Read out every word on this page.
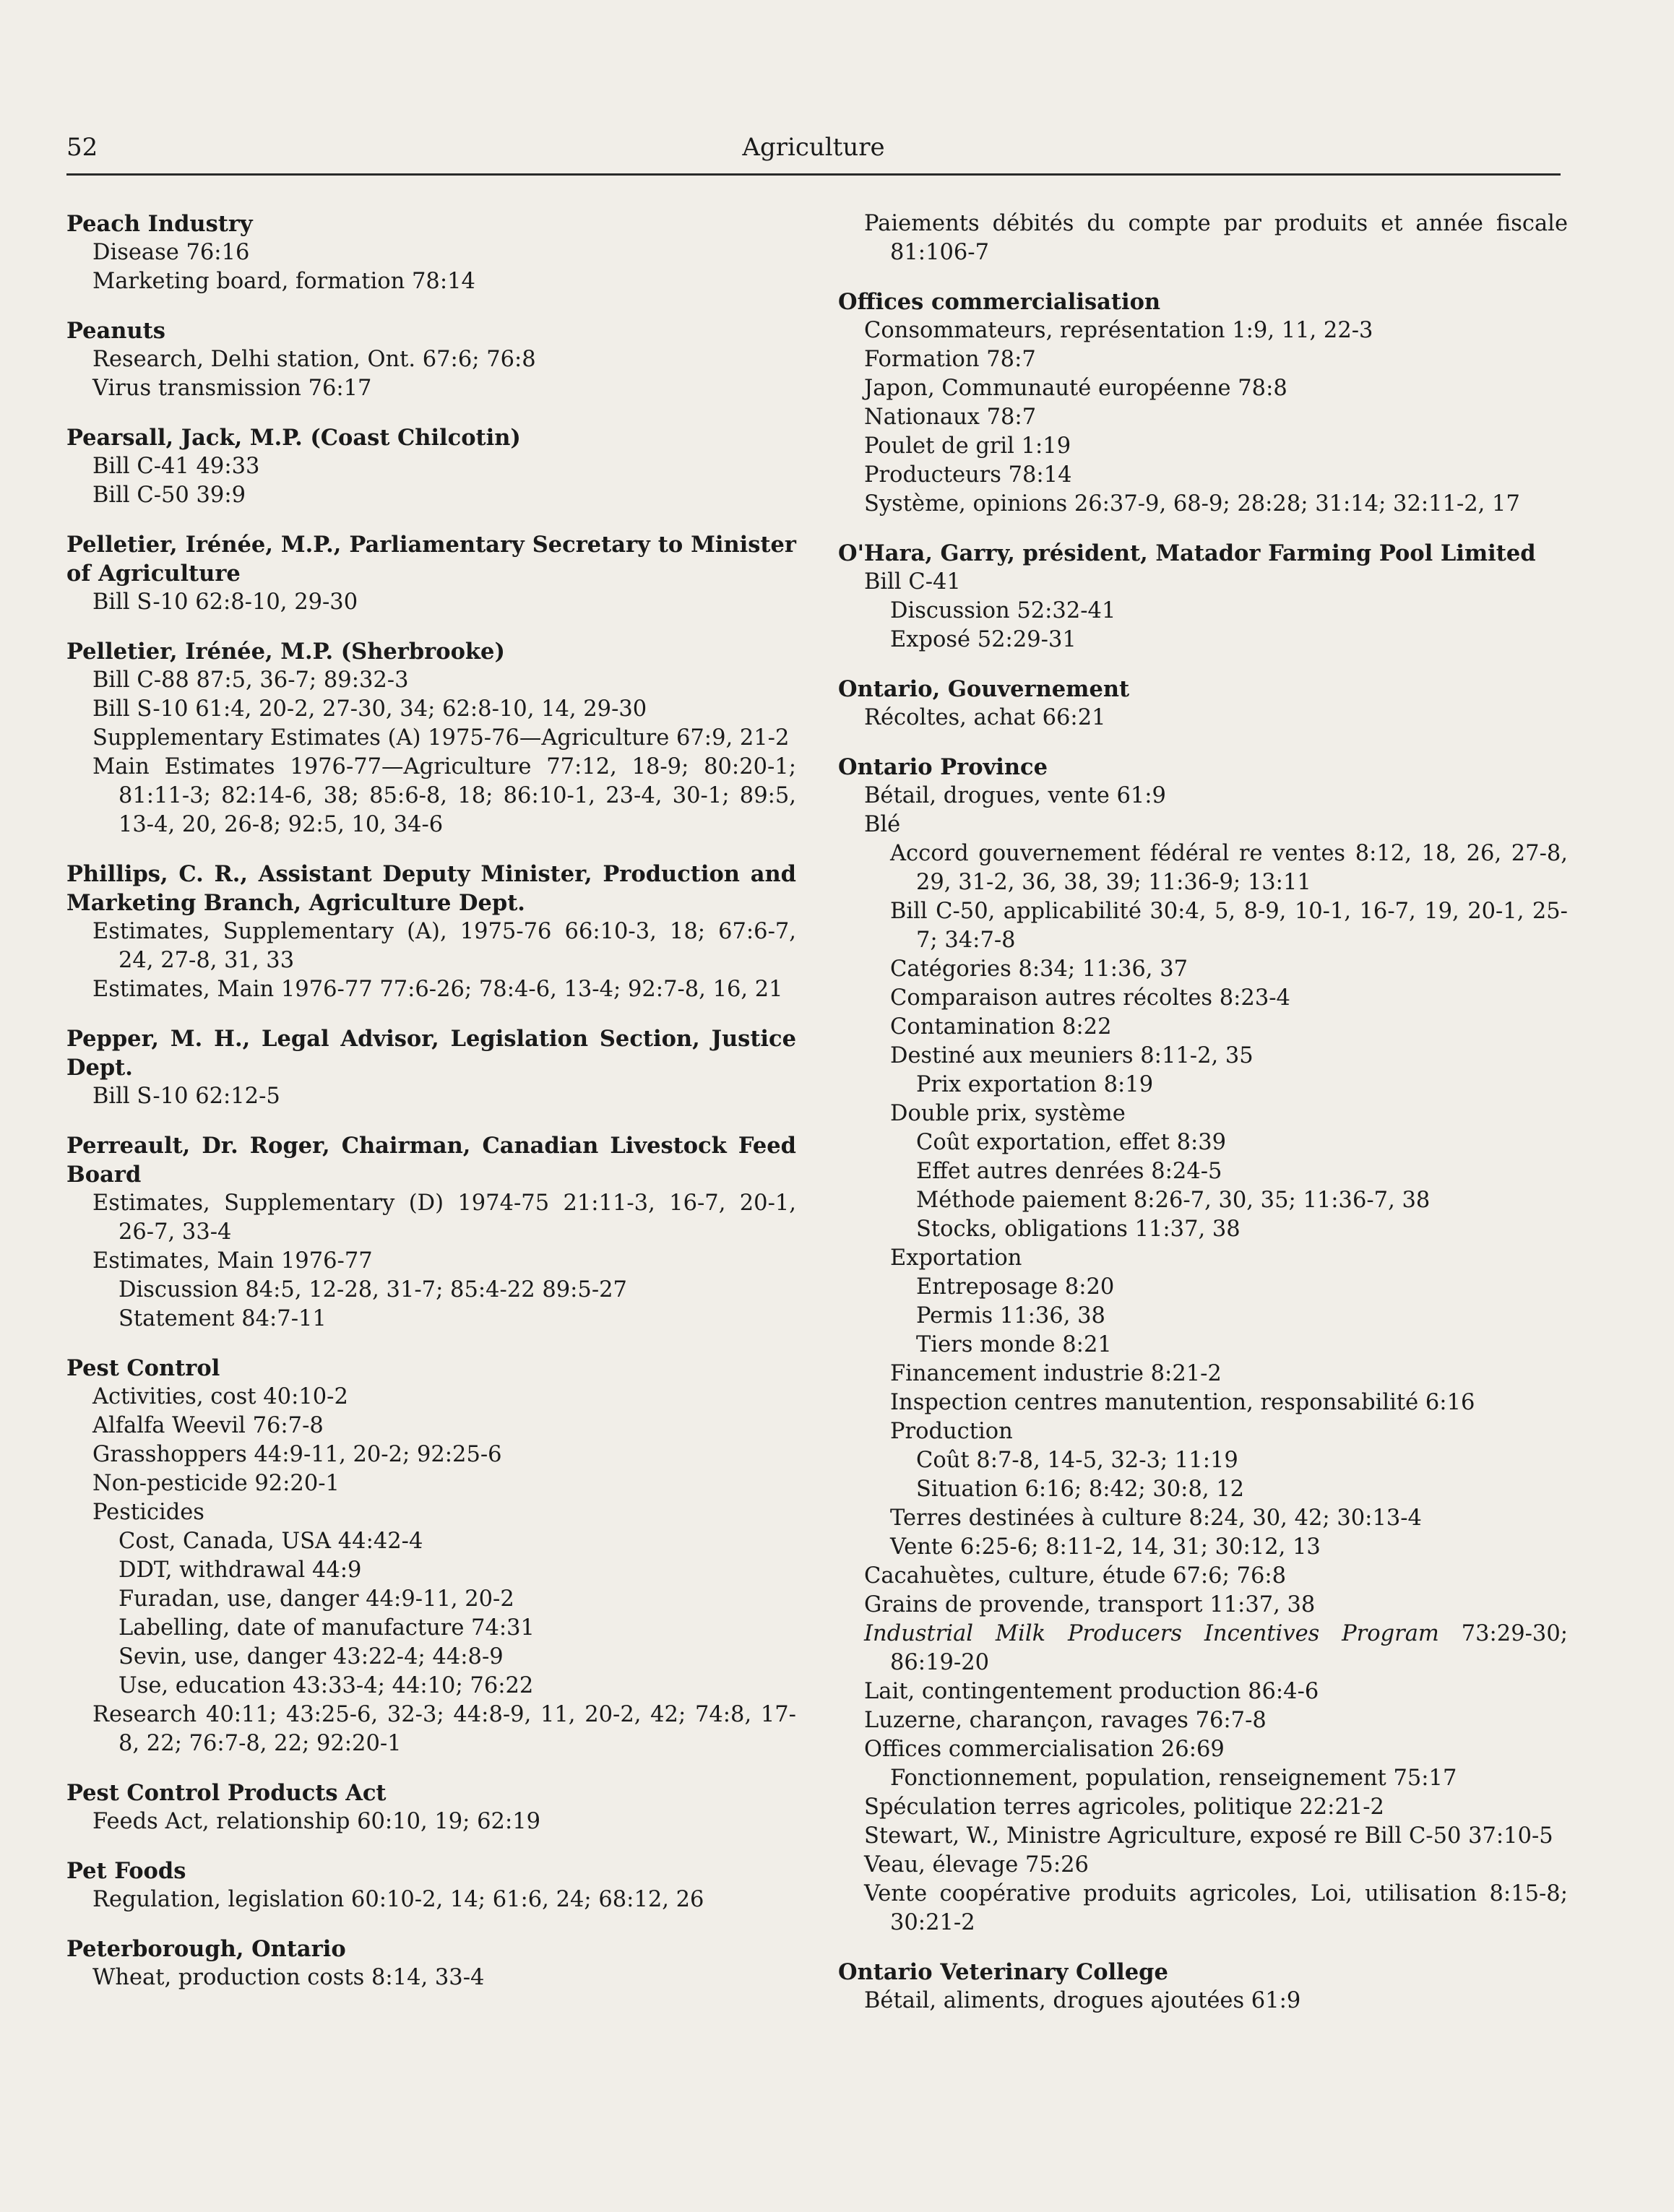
52	Agriculture
Peach Industry
Disease 76:16
Marketing board, formation 78:14
Peanuts
Research, Delhi station, Ont. 67:6; 76:8
Virus transmission 76:17
Pearsall, Jack, M.P. (Coast Chilcotin)
Bill C-41 49:33
Bill C-50 39:9
Pelletier, Irénée, M.P., Parliamentary Secretary to Minister of Agriculture
Bill S-10 62:8-10, 29-30
Pelletier, Irénée, M.P. (Sherbrooke)
Bill C-88 87:5, 36-7; 89:32-3
Bill S-10 61:4, 20-2, 27-30, 34; 62:8-10, 14, 29-30
Supplementary Estimates (A) 1975-76—Agriculture 67:9, 21-2
Main Estimates 1976-77—Agriculture 77:12, 18-9; 80:20-1; 81:11-3; 82:14-6, 38; 85:6-8, 18; 86:10-1, 23-4, 30-1; 89:5, 13-4, 20, 26-8; 92:5, 10, 34-6
Phillips, C. R., Assistant Deputy Minister, Production and Marketing Branch, Agriculture Dept.
Estimates, Supplementary (A), 1975-76 66:10-3, 18; 67:6-7, 24, 27-8, 31, 33
Estimates, Main 1976-77 77:6-26; 78:4-6, 13-4; 92:7-8, 16, 21
Pepper, M. H., Legal Advisor, Legislation Section, Justice Dept.
Bill S-10 62:12-5
Perreault, Dr. Roger, Chairman, Canadian Livestock Feed Board
Estimates, Supplementary (D) 1974-75 21:11-3, 16-7, 20-1, 26-7, 33-4
Estimates, Main 1976-77
Discussion 84:5, 12-28, 31-7; 85:4-22 89:5-27
Statement 84:7-11
Pest Control
Activities, cost 40:10-2
Alfalfa Weevil 76:7-8
Grasshoppers 44:9-11, 20-2; 92:25-6
Non-pesticide 92:20-1
Pesticides
Cost, Canada, USA 44:42-4
DDT, withdrawal 44:9
Furadan, use, danger 44:9-11, 20-2
Labelling, date of manufacture 74:31
Sevin, use, danger 43:22-4; 44:8-9
Use, education 43:33-4; 44:10; 76:22
Research 40:11; 43:25-6, 32-3; 44:8-9, 11, 20-2, 42; 74:8, 17-8, 22; 76:7-8, 22; 92:20-1
Pest Control Products Act
Feeds Act, relationship 60:10, 19; 62:19
Pet Foods
Regulation, legislation 60:10-2, 14; 61:6, 24; 68:12, 26
Peterborough, Ontario
Wheat, production costs 8:14, 33-4
Paiements débités du compte par produits et année fiscale 81:106-7
Offices commercialisation
Consommateurs, représentation 1:9, 11, 22-3
Formation 78:7
Japon, Communauté européenne 78:8
Nationaux 78:7
Poulet de gril 1:19
Producteurs 78:14
Système, opinions 26:37-9, 68-9; 28:28; 31:14; 32:11-2, 17
O'Hara, Garry, président, Matador Farming Pool Limited
Bill C-41
Discussion 52:32-41
Exposé 52:29-31
Ontario, Gouvernement
Récoltes, achat 66:21
Ontario Province
Bétail, drogues, vente 61:9
Blé
Accord gouvernement fédéral re ventes 8:12, 18, 26, 27-8, 29, 31-2, 36, 38, 39; 11:36-9; 13:11
Bill C-50, applicabilité 30:4, 5, 8-9, 10-1, 16-7, 19, 20-1, 25-7; 34:7-8
Catégories 8:34; 11:36, 37
Comparaison autres récoltes 8:23-4
Contamination 8:22
Destiné aux meuniers 8:11-2, 35
Prix exportation 8:19
Double prix, système
Coût exportation, effet 8:39
Effet autres denrées 8:24-5
Méthode paiement 8:26-7, 30, 35; 11:36-7, 38
Stocks, obligations 11:37, 38
Exportation
Entreposage 8:20
Permis 11:36, 38
Tiers monde 8:21
Financement industrie 8:21-2
Inspection centres manutention, responsabilité 6:16
Production
Coût 8:7-8, 14-5, 32-3; 11:19
Situation 6:16; 8:42; 30:8, 12
Terres destinées à culture 8:24, 30, 42; 30:13-4
Vente 6:25-6; 8:11-2, 14, 31; 30:12, 13
Cacahuètes, culture, étude 67:6; 76:8
Grains de provende, transport 11:37, 38
Industrial Milk Producers Incentives Program 73:29-30; 86:19-20
Lait, contingentement production 86:4-6
Luzerne, charançon, ravages 76:7-8
Offices commercialisation 26:69
Fonctionnement, population, renseignement 75:17
Spéculation terres agricoles, politique 22:21-2
Stewart, W., Ministre Agriculture, exposé re Bill C-50 37:10-5
Veau, élevage 75:26
Vente coopérative produits agricoles, Loi, utilisation 8:15-8; 30:21-2
Ontario Veterinary College
Bétail, aliments, drogues ajoutées 61:9
